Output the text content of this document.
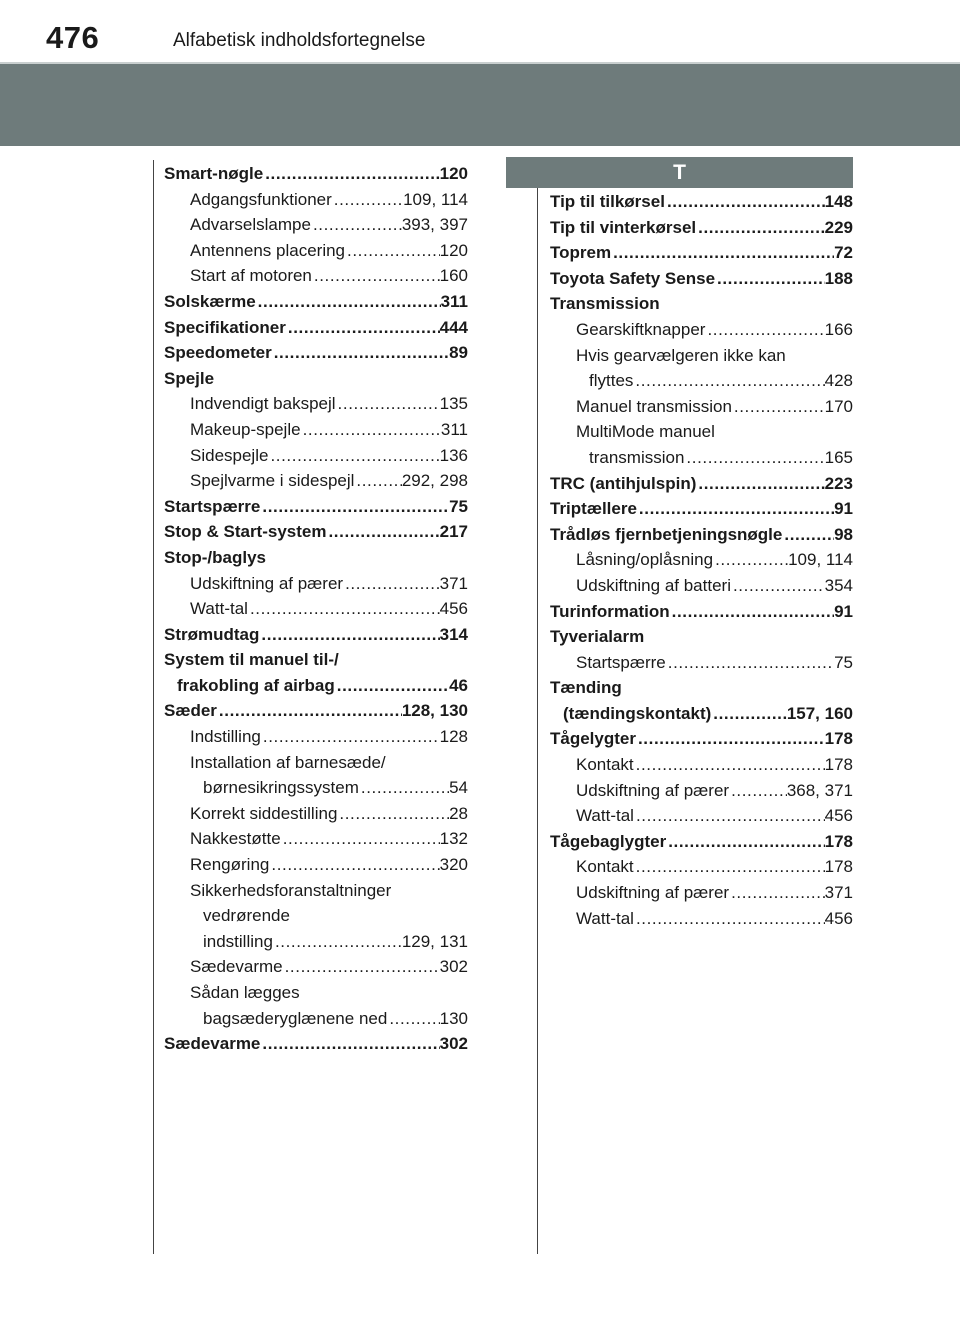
476	Alfabetisk indholdsfortegnelse
Smart-nøgle .....	120
Adgangsfunktioner .....	109, 114
Advarselslampe .....	393, 397
Antennens placering .....	120
Start af motoren .....	160
Solskærme .....	311
Specifikationer .....	444
Speedometer .....	89
Spejle
Indvendigt bakspejl .....	135
Makeup-spejle .....	311
Sidespejle .....	136
Spejlvarme i sidespejl .....	292, 298
Startspærre .....	75
Stop & Start-system .....	217
Stop-/baglys
Udskiftning af pærer .....	371
Watt-tal .....	456
Strømudtag .....	314
System til manuel til-/
frakobling af airbag .....	46
Sæder .....	128, 130
Indstilling .....	128
Installation af barnesæde/
børnesikringssystem .....	54
Korrekt siddestilling .....	28
Nakkestøtte .....	132
Rengøring .....	320
Sikkerhedsforanstaltninger
vedrørende
indstilling .....	129, 131
Sædevarme .....	302
Sådan lægges
bagsæderyglænene ned .....	130
Sædevarme .....	302
T
Tip til tilkørsel .....	148
Tip til vinterkørsel .....	229
Toprem .....	72
Toyota Safety Sense .....	188
Transmission
Gearskiftknapper .....	166
Hvis gearvælgeren ikke kan
flyttes .....	428
Manuel transmission .....	170
MultiMode manuel
transmission .....	165
TRC (antihjulspin) .....	223
Triptællere .....	91
Trådløs fjernbetjeningsnøgle .....	98
Låsning/oplåsning .....	109, 114
Udskiftning af batteri .....	354
Turinformation .....	91
Tyverialarm
Startspærre .....	75
Tænding
(tændingskontakt) .....	157, 160
Tågelygter .....	178
Kontakt .....	178
Udskiftning af pærer .....	368, 371
Watt-tal .....	456
Tågebaglygter .....	178
Kontakt .....	178
Udskiftning af pærer .....	371
Watt-tal .....	456
